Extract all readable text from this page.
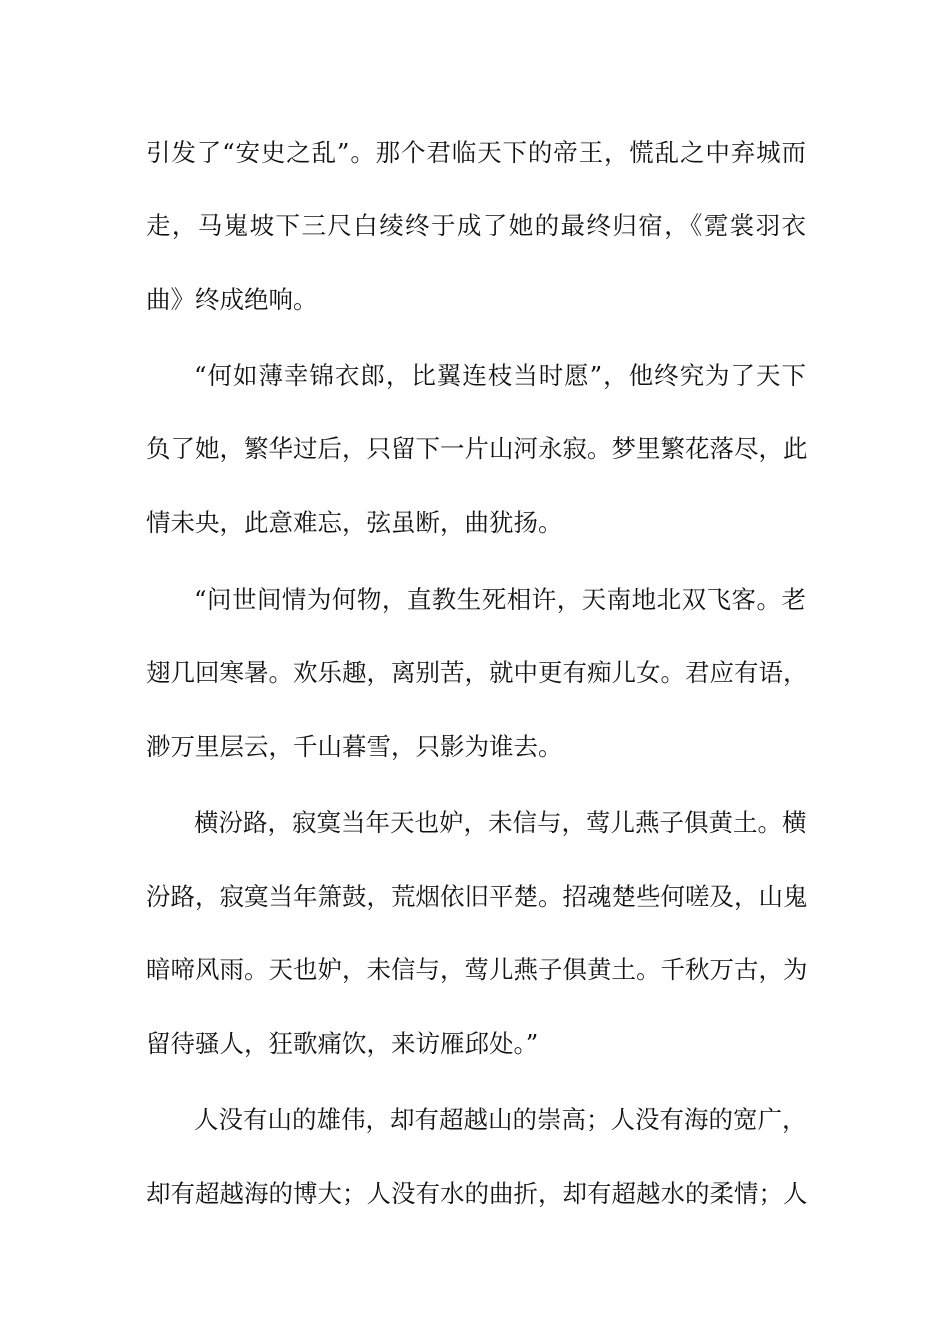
引发了“安史之乱”。那个君临天下的帝王，慌乱之中弃城而
走，马嵬坡下三尺白绫终于成了她的最终归宿，《霓裳羽衣
曲》终成绝响。
“何如薄幸锦衣郎，比翼连枝当时愿”，他终究为了天下
负了她，繁华过后，只留下一片山河永寂。梦里繁花落尽，此
情未央，此意难忘，弦虽断，曲犹扬。
“问世间情为何物，直教生死相许，天南地北双飞客。老
翅几回寒暑。欢乐趣，离别苦，就中更有痴儿女。君应有语，
渺万里层云，千山暮雪，只影为谁去。
横汾路，寂寞当年天也妒，未信与，莺儿燕子俱黄土。横
汾路，寂寞当年箫鼓，荒烟依旧平楚。招魂楚些何嗟及，山鬼
暗啼风雨。天也妒，未信与，莺儿燕子俱黄土。千秋万古，为
留待骚人，狂歌痛饮，来访雁邱处。”
人没有山的雄伟，却有超越山的崇高；人没有海的宽广，
却有超越海的博大；人没有水的曲折，却有超越水的柔情；人
